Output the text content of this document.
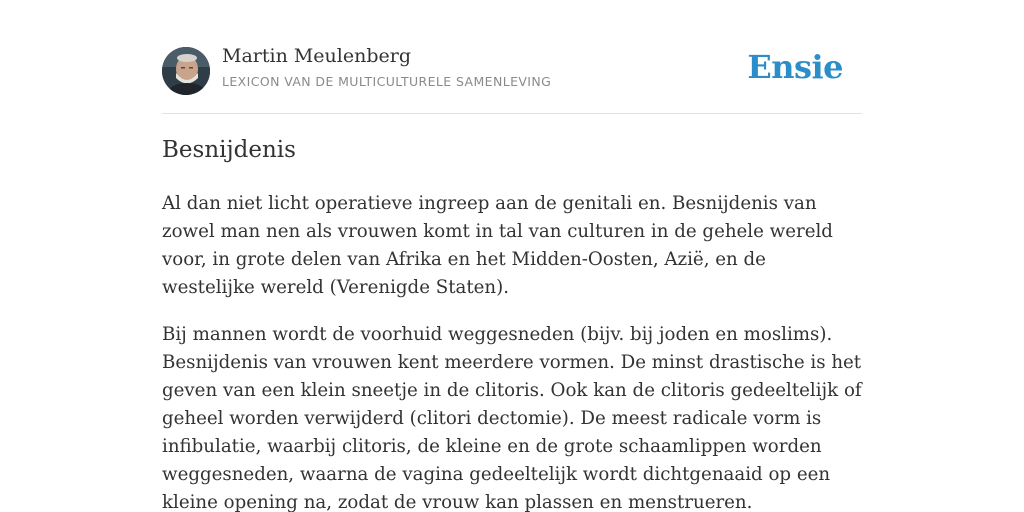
Martin Meulenberg
LEXICON VAN DE MULTICULTURELE SAMENLEVING	Ensie
Besnijdenis

Al dan niet licht operatieve ingreep aan de genitali en. Besnijdenis van zowel man nen als vrouwen komt in tal van culturen in de gehele wereld voor, in grote delen van Afrika en het Midden-Oosten, Azië, en de westelijke wereld (Verenigde Staten).

Bij mannen wordt de voorhuid weggesneden (bijv. bij joden en moslims). Besnijdenis van vrouwen kent meerdere vormen. De minst drastische is het geven van een klein sneetje in de clitoris. Ook kan de clitoris gedeeltelijk of geheel worden verwijderd (clitori dectomie). De meest radicale vorm is infibulatie, waarbij clitoris, de kleine en de grote schaamlippen worden weggesneden, waarna de vagina gedeeltelijk wordt dichtgenaaid op een kleine opening na, zodat de vrouw kan plassen en menstrueren.
